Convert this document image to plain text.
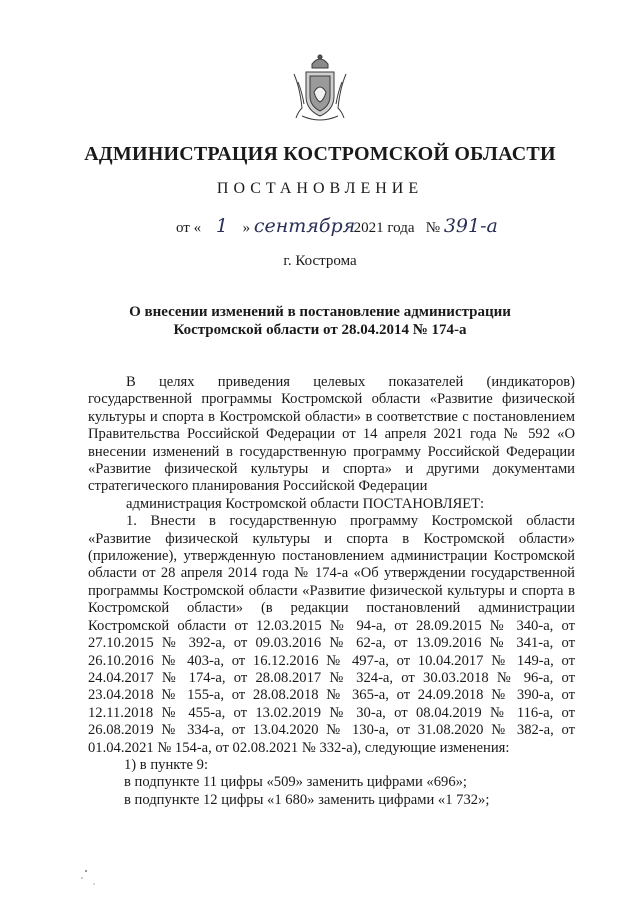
АДМИНИСТРАЦИЯ КОСТРОМСКОЙ ОБЛАСТИ
ПОСТАНОВЛЕНИЕ
от « 1 » сентября 2021 года № 391-а
г. Кострома
О внесении изменений в постановление администрации
Костромской области от 28.04.2014 № 174-а

В целях приведения целевых показателей (индикаторов) государственной программы Костромской области «Развитие физической культуры и спорта в Костромской области» в соответствие с постановлением Правительства Российской Федерации от 14 апреля 2021 года № 592 «О внесении изменений в государственную программу Российской Федерации «Развитие физической культуры и спорта» и другими документами стратегического планирования Российской Федерации

администрация Костромской области ПОСТАНОВЛЯЕТ:

1. Внести в государственную программу Костромской области «Развитие физической культуры и спорта в Костромской области» (приложение), утвержденную постановлением администрации Костромской области от 28 апреля 2014 года № 174-а «Об утверждении государственной программы Костромской области «Развитие физической культуры и спорта в Костромской области» (в редакции постановлений администрации Костромской области от 12.03.2015 № 94-а, от 28.09.2015 № 340-а, от 27.10.2015 № 392-а, от 09.03.2016 № 62-а, от 13.09.2016 № 341-а, от 26.10.2016 № 403-а, от 16.12.2016 № 497-а, от 10.04.2017 № 149-а, от 24.04.2017 № 174-а, от 28.08.2017 № 324-а, от 30.03.2018 № 96-а, от 23.04.2018 № 155-а, от 28.08.2018 № 365-а, от 24.09.2018 № 390-а, от 12.11.2018 № 455-а, от 13.02.2019 № 30-а, от 08.04.2019 № 116-а, от 26.08.2019 № 334-а, от 13.04.2020 № 130-а, от 31.08.2020 № 382-а, от 01.04.2021 № 154-а, от 02.08.2021 № 332-а), следующие изменения:

1) в пункте 9:

в подпункте 11 цифры «509» заменить цифрами «696»;

в подпункте 12 цифры «1 680» заменить цифрами «1 732»;
